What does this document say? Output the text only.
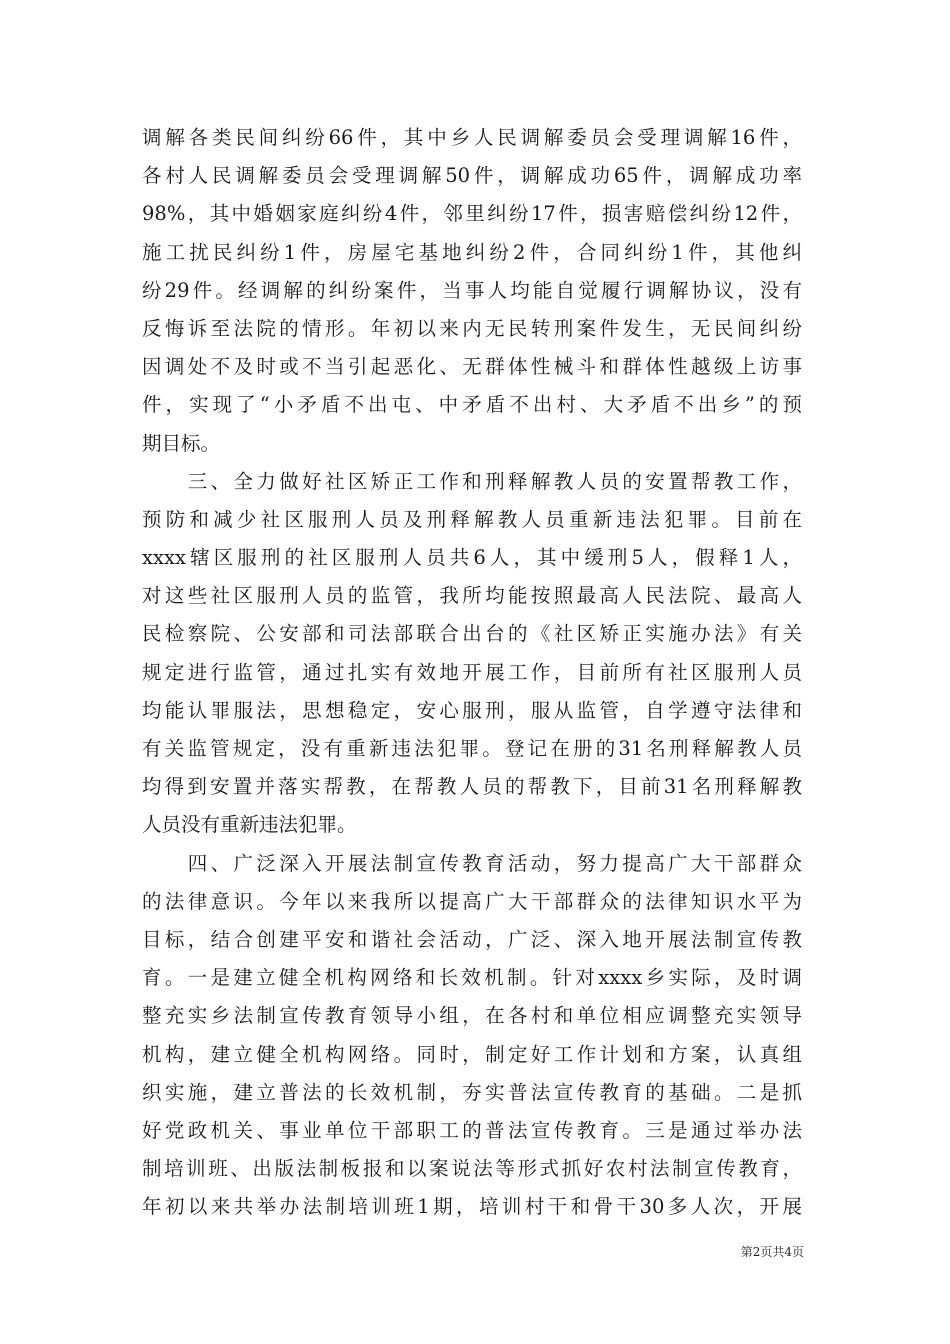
调解各类民间纠纷66件，其中乡人民调解委员会受理调解16件，
各村人民调解委员会受理调解50件，调解成功65件，调解成功率
98%，其中婚姻家庭纠纷4件，邻里纠纷17件，损害赔偿纠纷12件，
施工扰民纠纷1件，房屋宅基地纠纷2件，合同纠纷1件，其他纠
纷29件。经调解的纠纷案件，当事人均能自觉履行调解协议，没有
反悔诉至法院的情形。年初以来内无民转刑案件发生，无民间纠纷
因调处不及时或不当引起恶化、无群体性械斗和群体性越级上访事
件，实现了“小矛盾不出屯、中矛盾不出村、大矛盾不出乡”的预
期目标。
　　三、全力做好社区矫正工作和刑释解教人员的安置帮教工作，
预防和减少社区服刑人员及刑释解教人员重新违法犯罪。目前在
xxxx辖区服刑的社区服刑人员共6人，其中缓刑5人，假释1人，
对这些社区服刑人员的监管，我所均能按照最高人民法院、最高人
民检察院、公安部和司法部联合出台的《社区矫正实施办法》有关
规定进行监管，通过扎实有效地开展工作，目前所有社区服刑人员
均能认罪服法，思想稳定，安心服刑，服从监管，自学遵守法律和
有关监管规定，没有重新违法犯罪。登记在册的31名刑释解教人员
均得到安置并落实帮教，在帮教人员的帮教下，目前31名刑释解教
人员没有重新违法犯罪。
　　四、广泛深入开展法制宣传教育活动，努力提高广大干部群众
的法律意识。今年以来我所以提高广大干部群众的法律知识水平为
目标，结合创建平安和谐社会活动，广泛、深入地开展法制宣传教
育。一是建立健全机构网络和长效机制。针对xxxx乡实际，及时调
整充实乡法制宣传教育领导小组，在各村和单位相应调整充实领导
机构，建立健全机构网络。同时，制定好工作计划和方案，认真组
织实施，建立普法的长效机制，夯实普法宣传教育的基础。二是抓
好党政机关、事业单位干部职工的普法宣传教育。三是通过举办法
制培训班、出版法制板报和以案说法等形式抓好农村法制宣传教育，
年初以来共举办法制培训班1期，培训村干和骨干30多人次，开展
第2页共4页
